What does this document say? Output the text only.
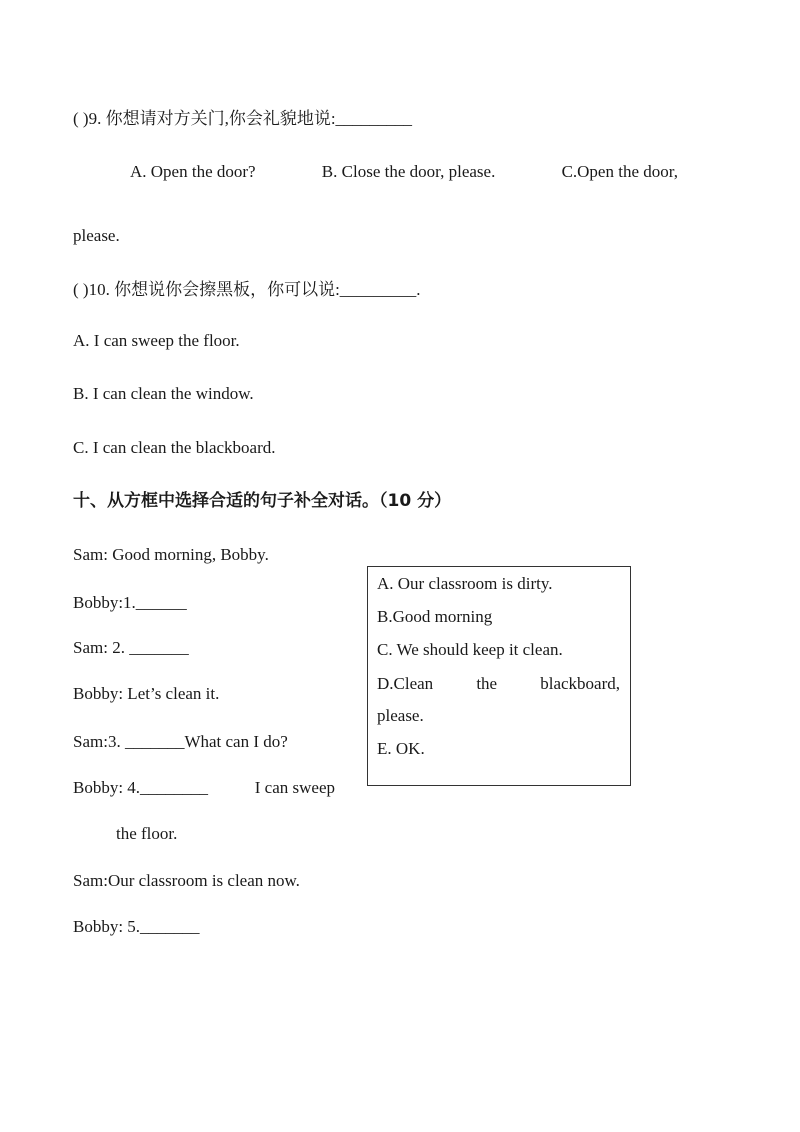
( )9. 你想请对方关门,你会礼貌地说:_________
A. Open the door?	B. Close the door, please.	C.Open the door,
please.
( )10. 你想说你会擦黑板，你可以说:_________.
A. I can sweep the floor.
B. I can clean the window.
C. I can clean the blackboard.
十、从方框中选择合适的句子补全对话。（10 分）
Sam: Good morning, Bobby.
Bobby:1.______
Sam: 2. _______
Bobby: Let’s clean it.
Sam:3. _______What can I do?
Bobby: 4.________	I can sweep
the floor.
Sam:Our classroom is clean now.
Bobby: 5._______
A. Our classroom is dirty.
B.Good morning
C. We should keep it clean.
D.Clean	the	blackboard,
please.
E. OK.
